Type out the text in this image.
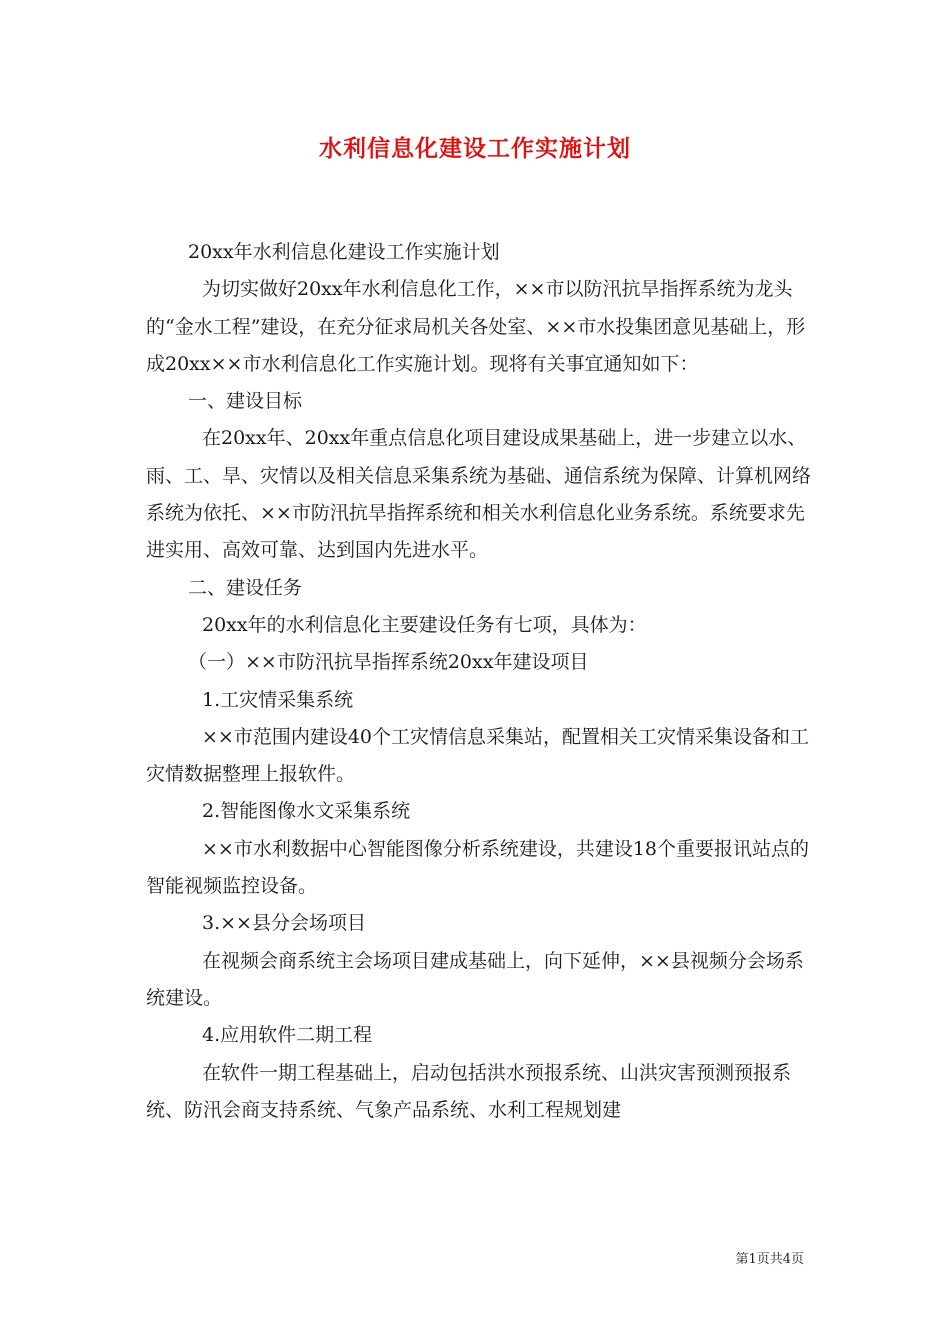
水利信息化建设工作实施计划

20xx年水利信息化建设工作实施计划

为切实做好20xx年水利信息化工作，××市以防汛抗旱指挥系统为龙头的“金水工程”建设，在充分征求局机关各处室、××市水投集团意见基础上，形成20xx××市水利信息化工作实施计划。现将有关事宜通知如下：

一、建设目标

在20xx年、20xx年重点信息化项目建设成果基础上，进一步建立以水、雨、工、旱、灾情以及相关信息采集系统为基础、通信系统为保障、计算机网络系统为依托、××市防汛抗旱指挥系统和相关水利信息化业务系统。系统要求先进实用、高效可靠、达到国内先进水平。

二、建设任务

20xx年的水利信息化主要建设任务有七项，具体为：

（一）××市防汛抗旱指挥系统20xx年建设项目

1.工灾情采集系统

××市范围内建设40个工灾情信息采集站，配置相关工灾情采集设备和工灾情数据整理上报软件。

2.智能图像水文采集系统

××市水利数据中心智能图像分析系统建设，共建设18个重要报讯站点的智能视频监控设备。

3.××县分会场项目

在视频会商系统主会场项目建成基础上，向下延伸，××县视频分会场系统建设。

4.应用软件二期工程

在软件一期工程基础上，启动包括洪水预报系统、山洪灾害预测预报系统、防汛会商支持系统、气象产品系统、水利工程规划建

第1页共4页
